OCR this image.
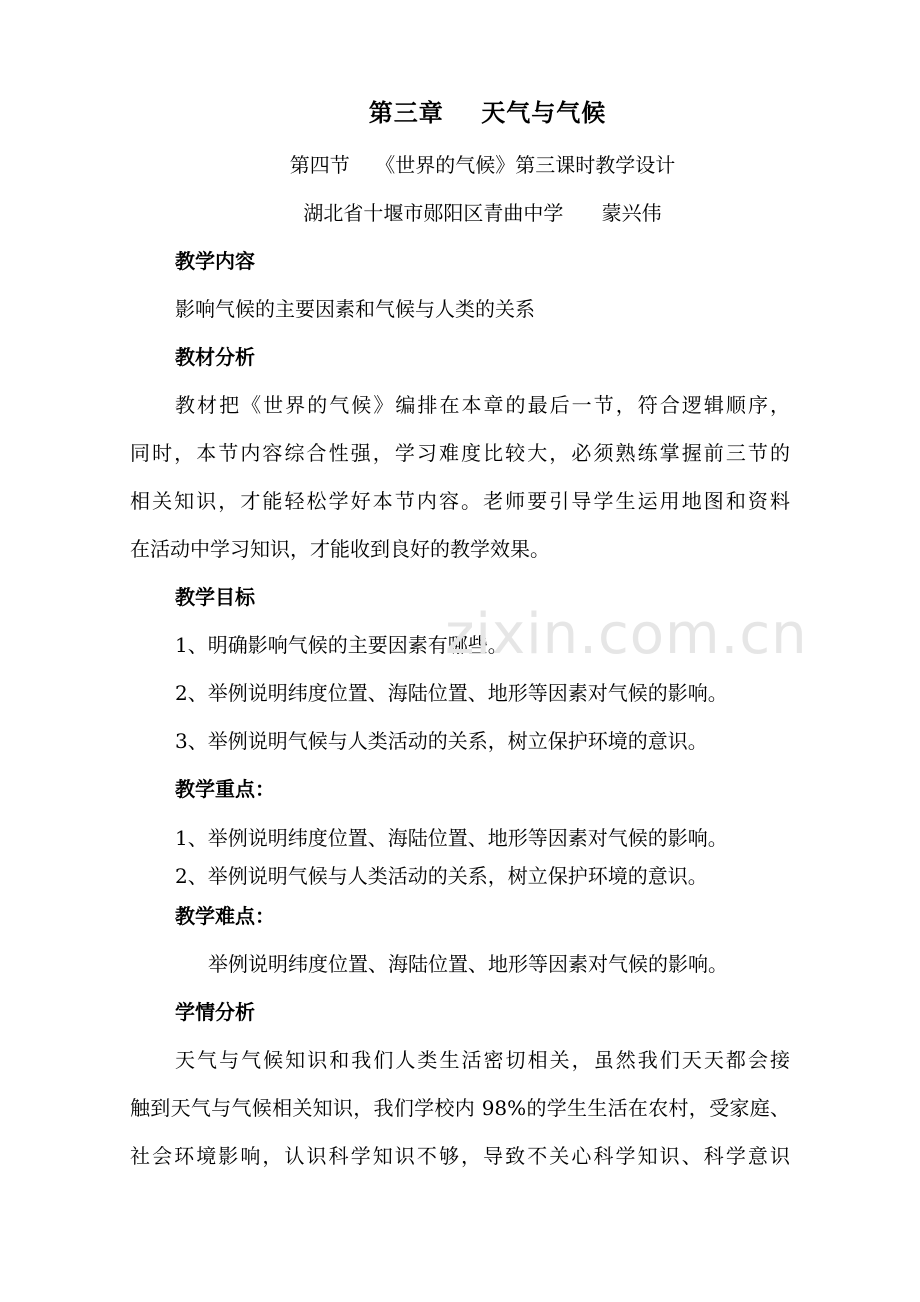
第三章    天气与气候
第四节    《世界的气候》第三课时教学设计
湖北省十堰市郧阳区青曲中学      蒙兴伟
教学内容
影响气候的主要因素和气候与人类的关系
教材分析
教材把《世界的气候》编排在本章的最后一节，符合逻辑顺序，
同时，本节内容综合性强，学习难度比较大，必须熟练掌握前三节的
相关知识，才能轻松学好本节内容。老师要引导学生运用地图和资料
在活动中学习知识，才能收到良好的教学效果。
教学目标
1、明确影响气候的主要因素有哪些。
2、举例说明纬度位置、海陆位置、地形等因素对气候的影响。
3、举例说明气候与人类活动的关系，树立保护环境的意识。
教学重点：
1、举例说明纬度位置、海陆位置、地形等因素对气候的影响。
2、举例说明气候与人类活动的关系，树立保护环境的意识。
教学难点：
举例说明纬度位置、海陆位置、地形等因素对气候的影响。
学情分析
天气与气候知识和我们人类生活密切相关，虽然我们天天都会接
触到天气与气候相关知识，我们学校内 98%的学生生活在农村，受家庭、
社会环境影响，认识科学知识不够，导致不关心科学知识、科学意识
zixin.com.cn
